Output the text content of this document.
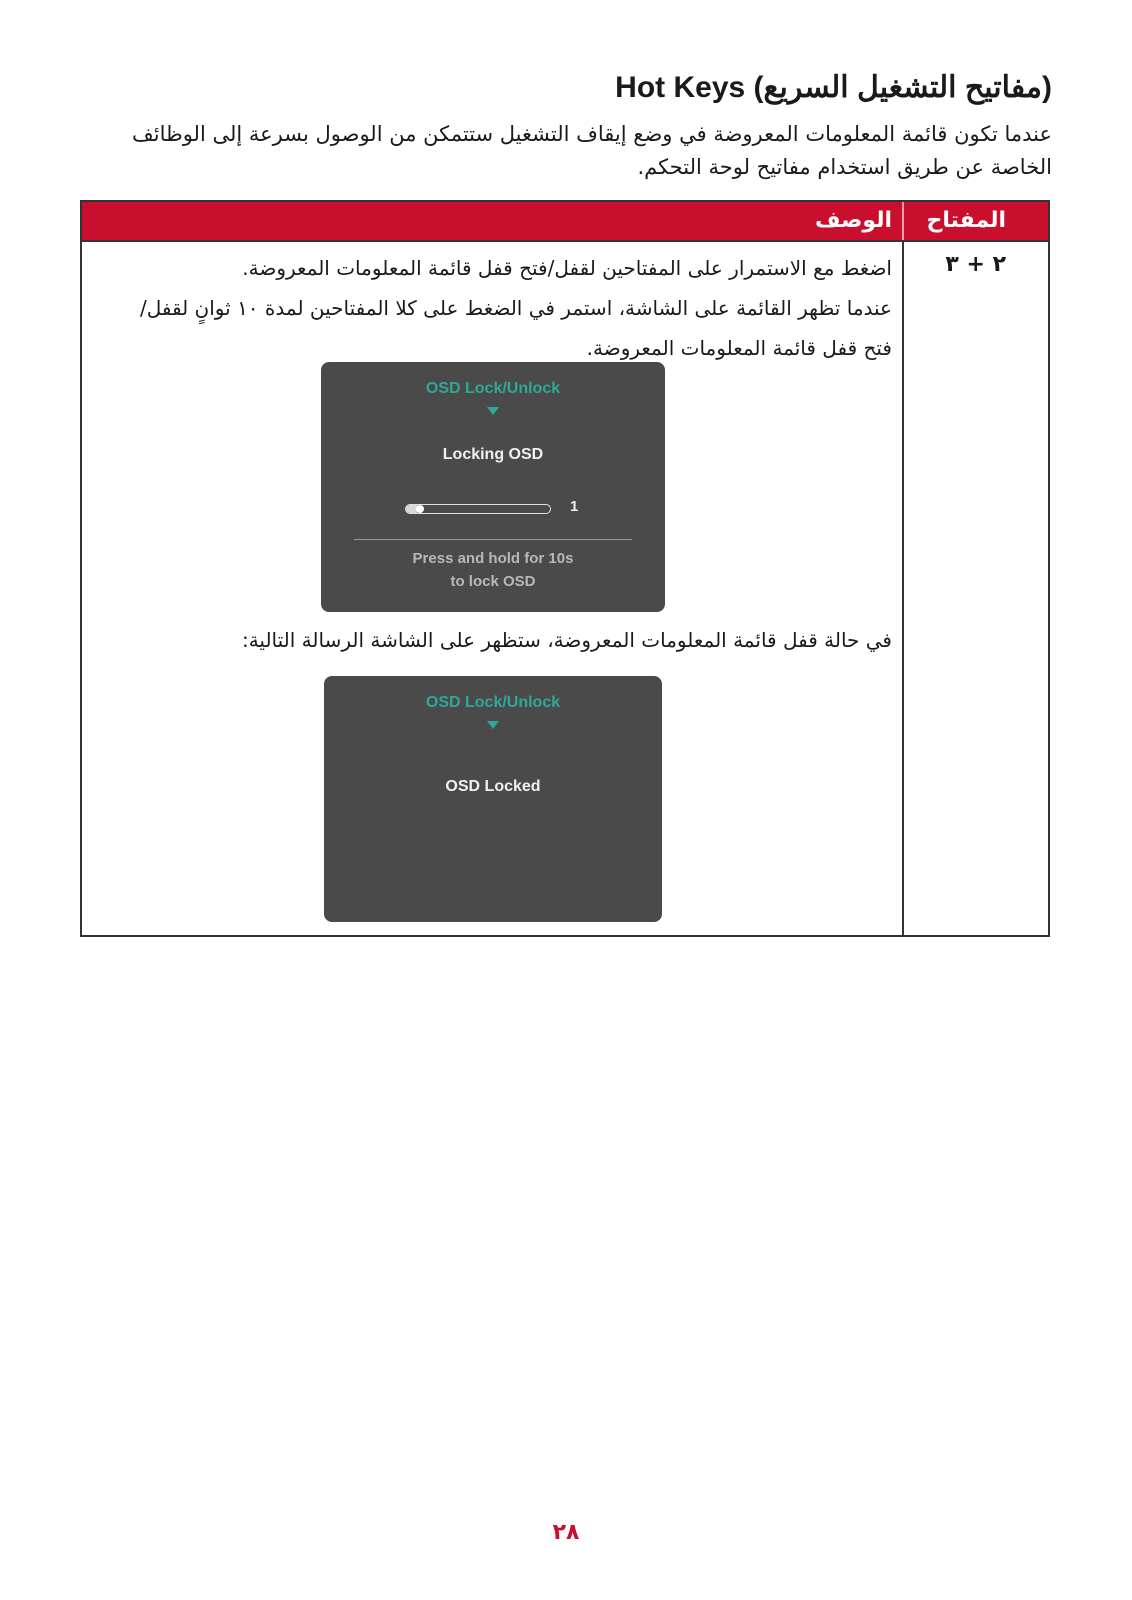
Hot Keys (مفاتيح التشغيل السريع)

عندما تكون قائمة المعلومات المعروضة في وضع إيقاف التشغيل ستتمكن من الوصول بسرعة إلى الوظائف

الخاصة عن طريق استخدام مفاتيح لوحة التحكم.

المفتاح
الوصف
٢ + ٣

اضغط مع الاستمرار على المفتاحين لقفل/فتح قفل قائمة المعلومات المعروضة.

عندما تظهر القائمة على الشاشة، استمر في الضغط على كلا المفتاحين لمدة ١٠ ثوانٍ لقفل/

فتح قفل قائمة المعلومات المعروضة.

في حالة قفل قائمة المعلومات المعروضة، ستظهر على الشاشة الرسالة التالية:

OSD Lock/Unlock
Locking OSD
1
Press and hold for 10s
to lock OSD
OSD Lock/Unlock
OSD Locked
٢٨
